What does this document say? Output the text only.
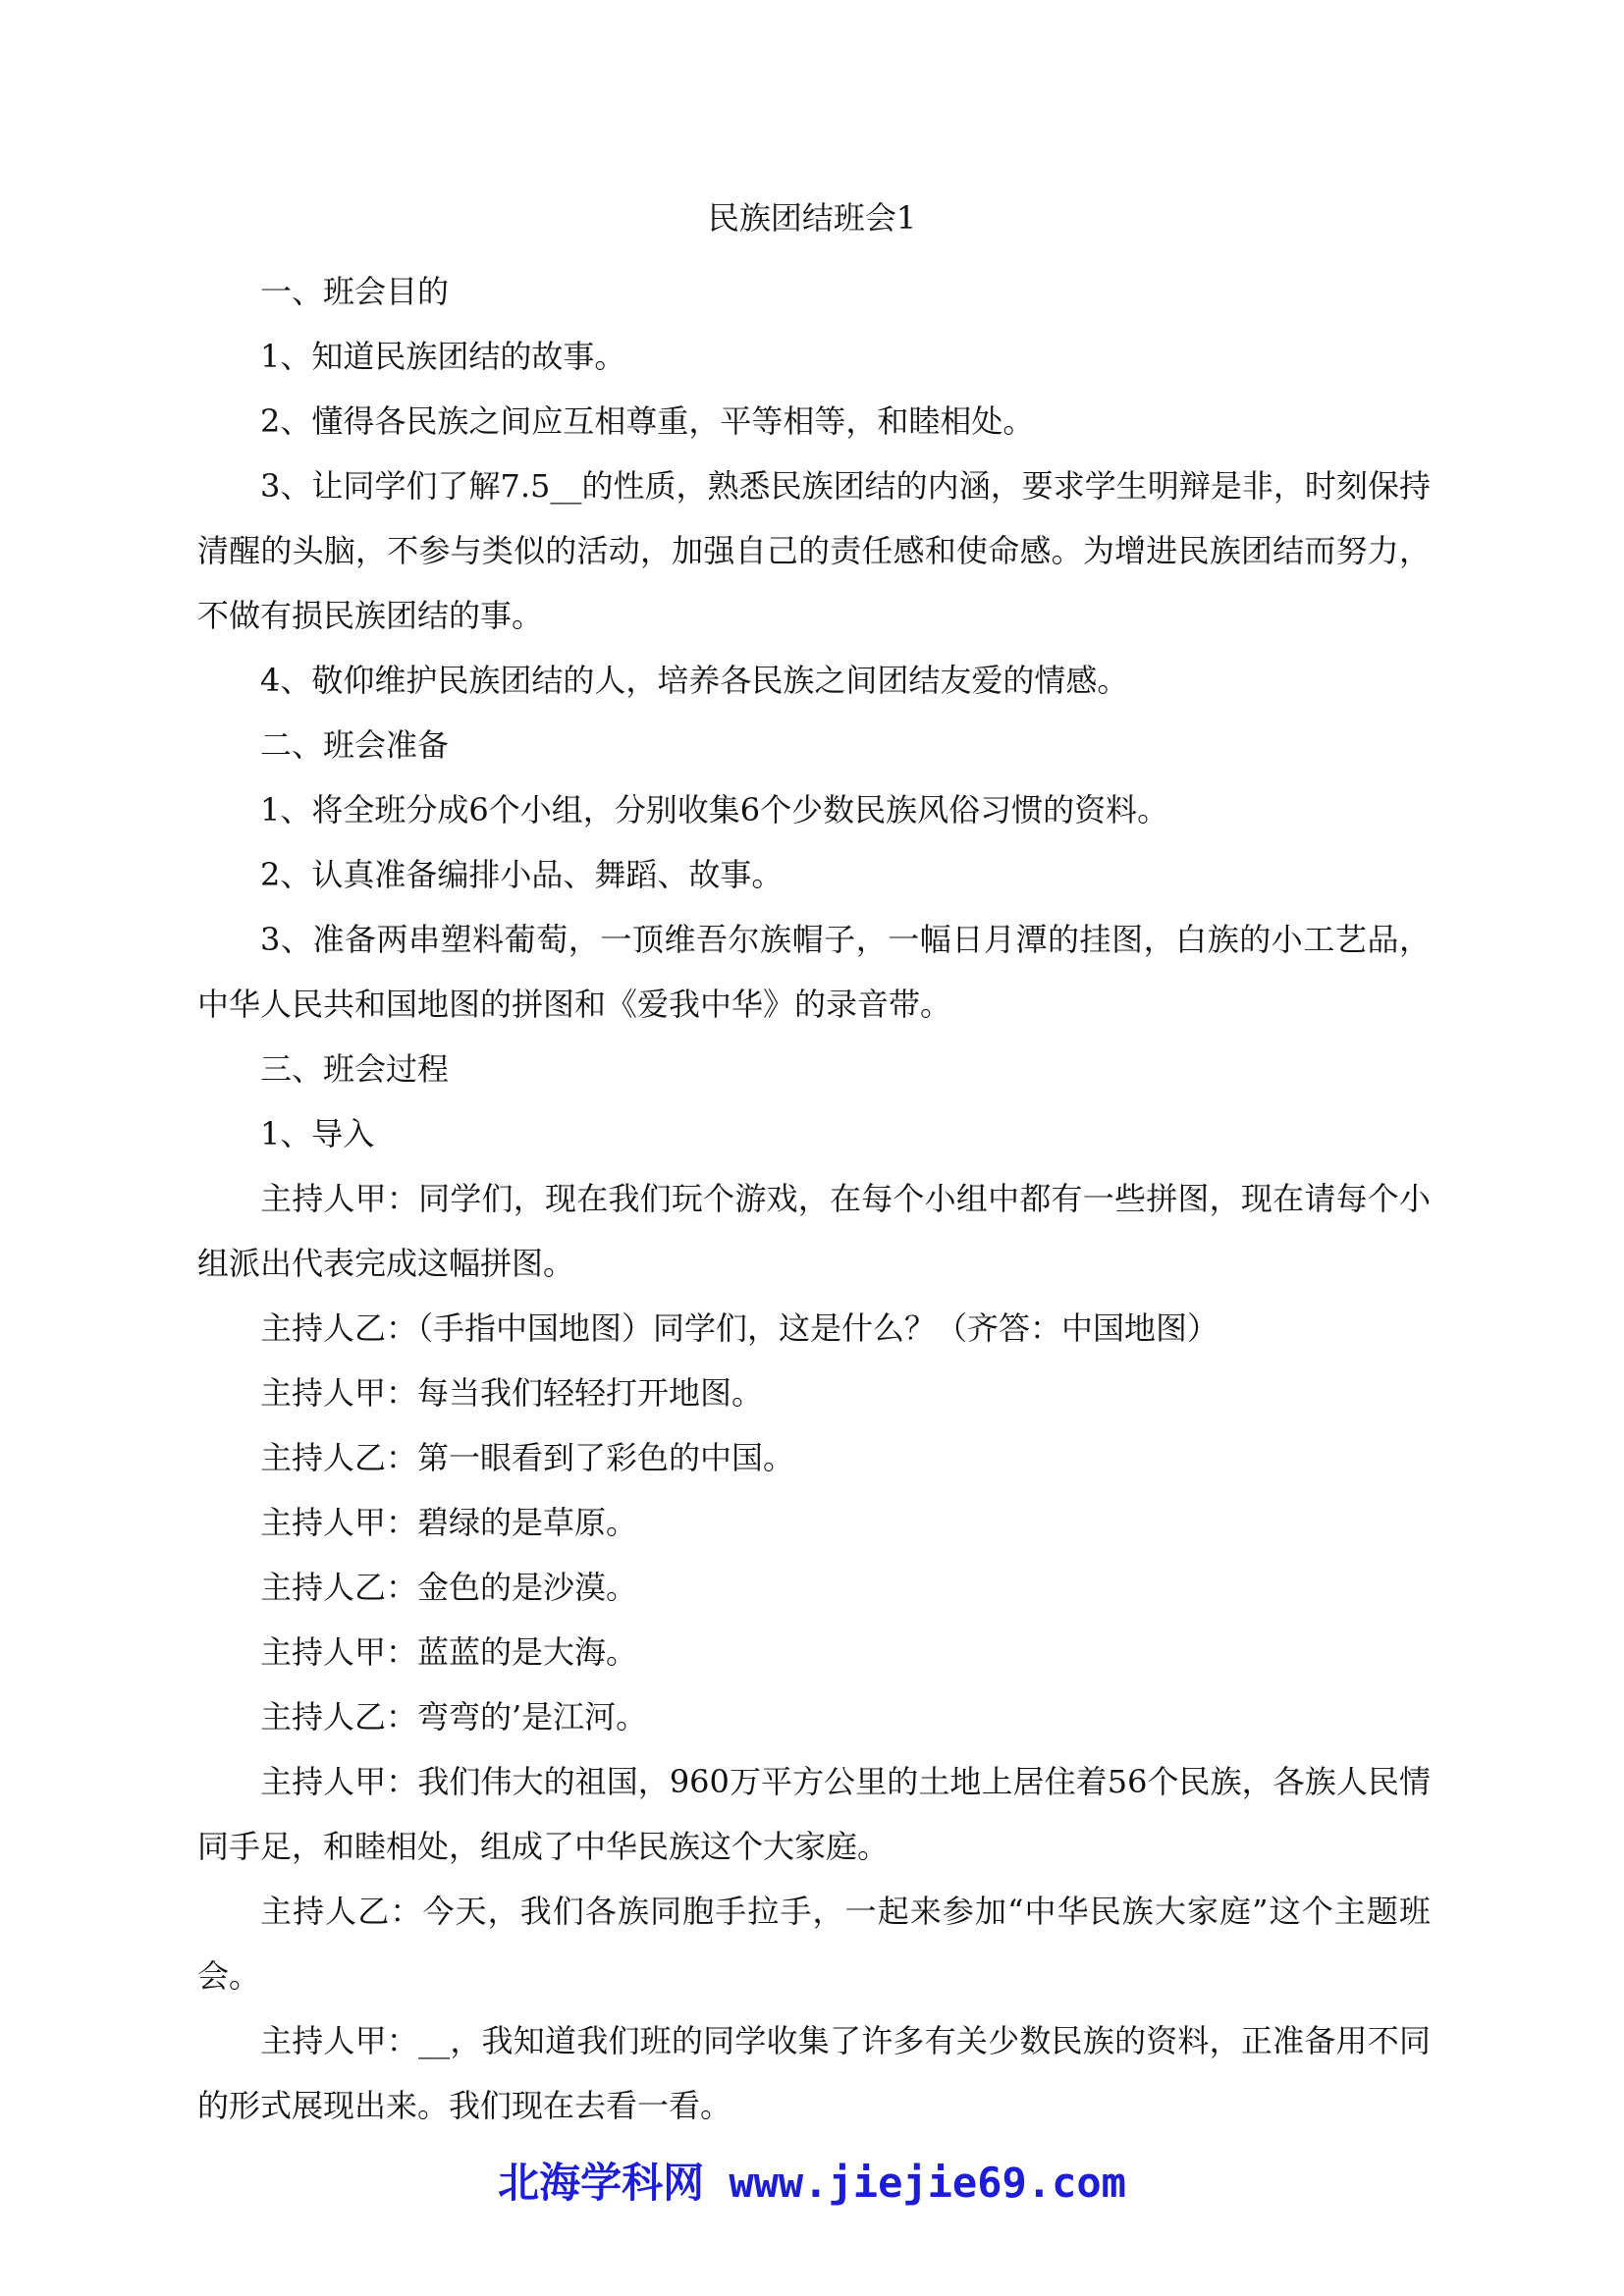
民族团结班会1

一、班会目的

1、知道民族团结的故事。

2、懂得各民族之间应互相尊重，平等相等，和睦相处。

3、让同学们了解7.5__的性质，熟悉民族团结的内涵，要求学生明辩是非，时刻保持清醒的头脑，不参与类似的活动，加强自己的责任感和使命感。为增进民族团结而努力，不做有损民族团结的事。

4、敬仰维护民族团结的人，培养各民族之间团结友爱的情感。

二、班会准备

1、将全班分成6个小组，分别收集6个少数民族风俗习惯的资料。

2、认真准备编排小品、舞蹈、故事。

3、准备两串塑料葡萄，一顶维吾尔族帽子，一幅日月潭的挂图，白族的小工艺品，中华人民共和国地图的拼图和《爱我中华》的录音带。

三、班会过程

1、导入

主持人甲：同学们，现在我们玩个游戏，在每个小组中都有一些拼图，现在请每个小组派出代表完成这幅拼图。

主持人乙：（手指中国地图）同学们，这是什么？（齐答：中国地图）

主持人甲：每当我们轻轻打开地图。

主持人乙：第一眼看到了彩色的中国。

主持人甲：碧绿的是草原。

主持人乙：金色的是沙漠。

主持人甲：蓝蓝的是大海。

主持人乙：弯弯的’是江河。

主持人甲：我们伟大的祖国，960万平方公里的土地上居住着56个民族，各族人民情同手足，和睦相处，组成了中华民族这个大家庭。

主持人乙：今天，我们各族同胞手拉手，一起来参加“中华民族大家庭”这个主题班会。

主持人甲：__，我知道我们班的同学收集了许多有关少数民族的资料，正准备用不同的形式展现出来。我们现在去看一看。

北海学科网 www.jiejie69.com
